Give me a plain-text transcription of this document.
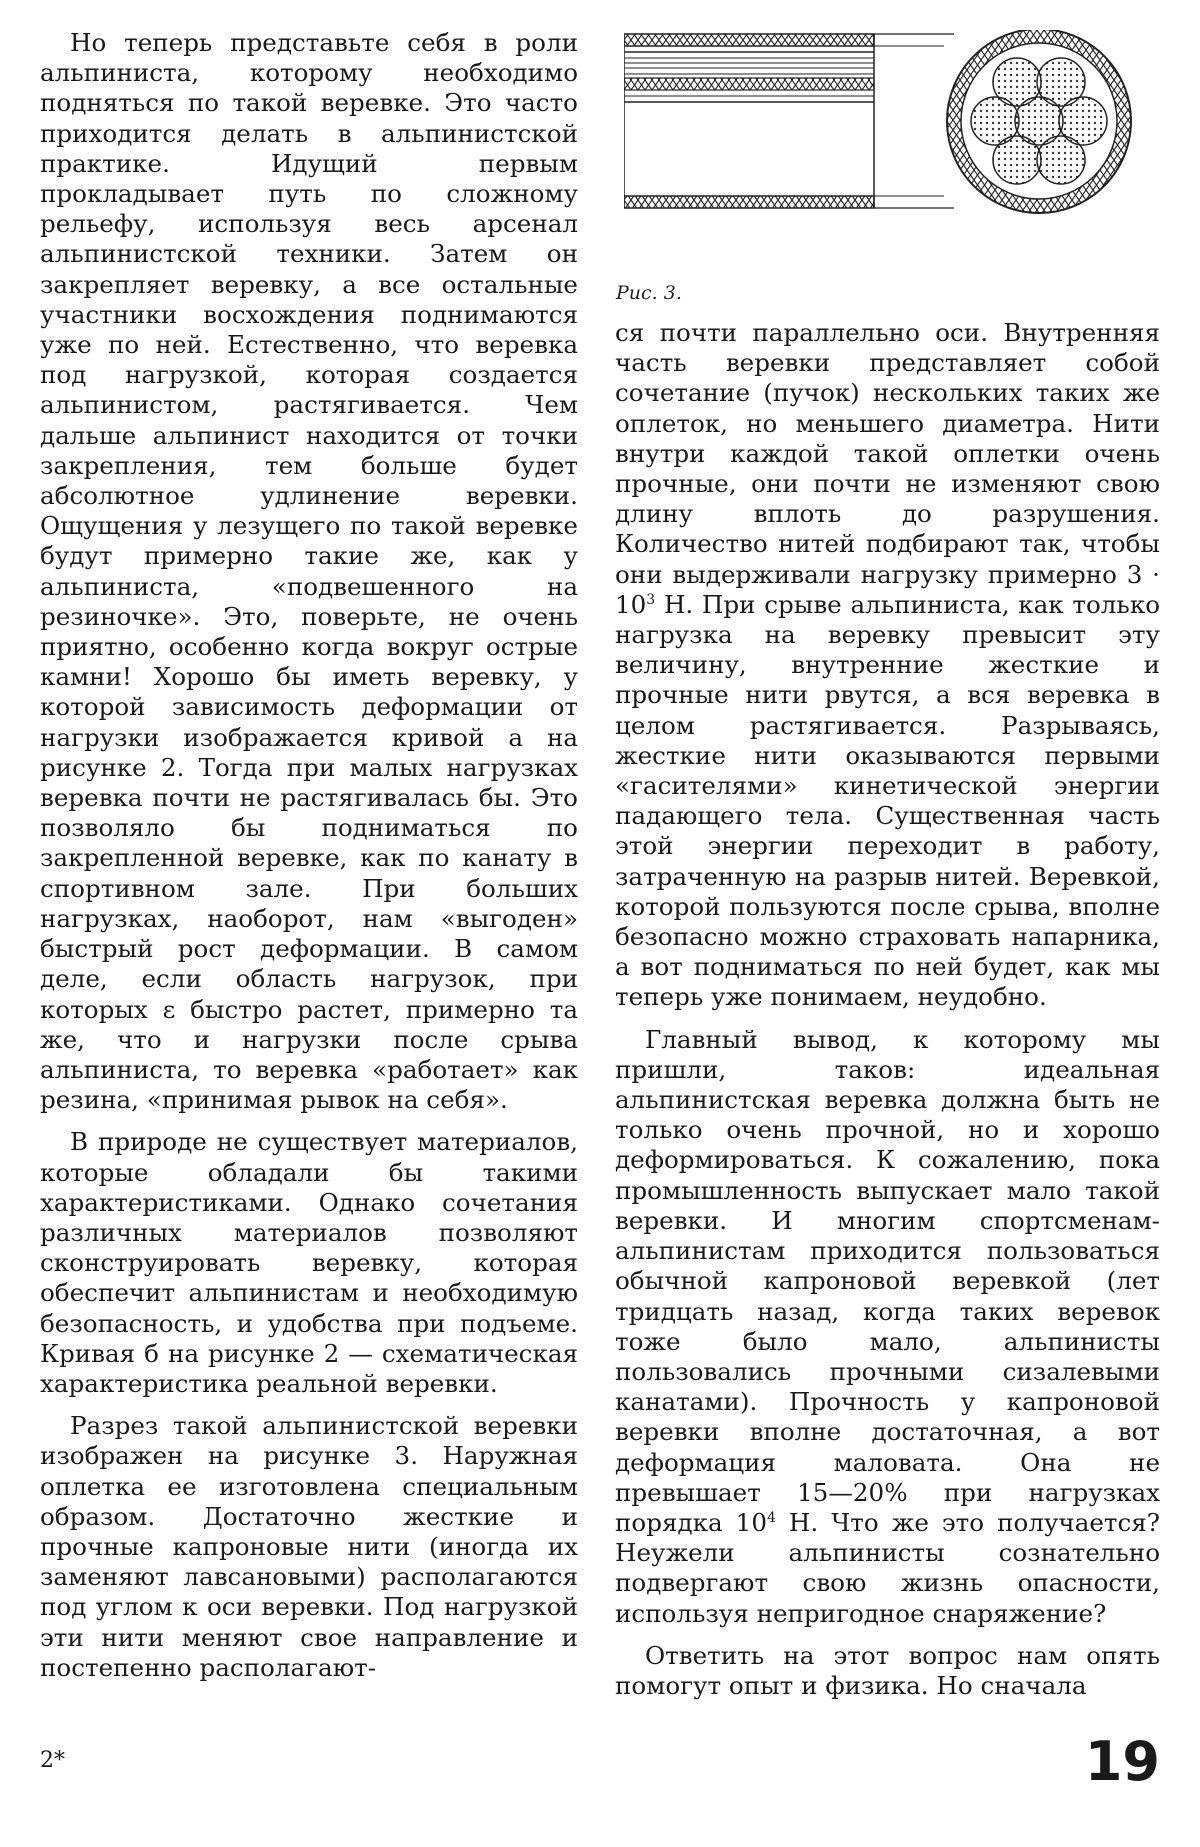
Но теперь представьте себя в роли альпиниста, которому необходимо подняться по такой веревке. Это часто приходится делать в альпинистской практике. Идущий первым прокладывает путь по сложному рельефу, используя весь арсенал альпинистской техники. Затем он закрепляет веревку, а все остальные участники восхождения поднимаются уже по ней. Естественно, что веревка под нагрузкой, которая создается альпинистом, растягивается. Чем дальше альпинист находится от точки закрепления, тем больше будет абсолютное удлинение веревки. Ощущения у лезущего по такой веревке будут примерно такие же, как у альпиниста, «подвешенного на резиночке». Это, поверьте, не очень приятно, особенно когда вокруг острые камни! Хорошо бы иметь веревку, у которой зависимость деформации от нагрузки изображается кривой а на рисунке 2. Тогда при малых нагрузках веревка почти не растягивалась бы. Это позволяло бы подниматься по закрепленной веревке, как по канату в спортивном зале. При больших нагрузках, наоборот, нам «выгоден» быстрый рост деформации. В самом деле, если область нагрузок, при которых ε быстро растет, примерно та же, что и нагрузки после срыва альпиниста, то веревка «работает» как резина, «принимая рывок на себя».

В природе не существует материалов, которые обладали бы такими характеристиками. Однако сочетания различных материалов позволяют сконструировать веревку, которая обеспечит альпинистам и необходимую безопасность, и удобства при подъеме. Кривая б на рисунке 2 — схематическая характеристика реальной веревки.

Разрез такой альпинистской веревки изображен на рисунке 3. Наружная оплетка ее изготовлена специальным образом. Достаточно жесткие и прочные капроновые нити (иногда их заменяют лавсановыми) располагаются под углом к оси веревки. Под нагрузкой эти нити меняют свое направление и постепенно располагают-

Рис. 3.

ся почти параллельно оси. Внутренняя часть веревки представляет собой сочетание (пучок) нескольких таких же оплеток, но меньшего диаметра. Нити внутри каждой такой оплетки очень прочные, они почти не изменяют свою длину вплоть до разрушения. Количество нитей подбирают так, чтобы они выдерживали нагрузку примерно $3 \cdot 10^3$ Н. При срыве альпиниста, как только нагрузка на веревку превысит эту величину, внутренние жесткие и прочные нити рвутся, а вся веревка в целом растягивается. Разрываясь, жесткие нити оказываются первыми «гасителями» кинетической энергии падающего тела. Существенная часть этой энергии переходит в работу, затраченную на разрыв нитей. Веревкой, которой пользуются после срыва, вполне безопасно можно страховать напарника, а вот подниматься по ней будет, как мы теперь уже понимаем, неудобно.

Главный вывод, к которому мы пришли, таков: идеальная альпинистская веревка должна быть не только очень прочной, но и хорошо деформироваться. К сожалению, пока промышленность выпускает мало такой веревки. И многим спортсменам-альпинистам приходится пользоваться обычной капроновой веревкой (лет тридцать назад, когда таких веревок тоже было мало, альпинисты пользовались прочными сизалевыми канатами). Прочность у капроновой веревки вполне достаточная, а вот деформация маловата. Она не превышает 15—20% при нагрузках порядка $10^4$ Н. Что же это получается? Неужели альпинисты сознательно подвергают свою жизнь опасности, используя непригодное снаряжение?

Ответить на этот вопрос нам опять помогут опыт и физика. Но сначала

2*	19
